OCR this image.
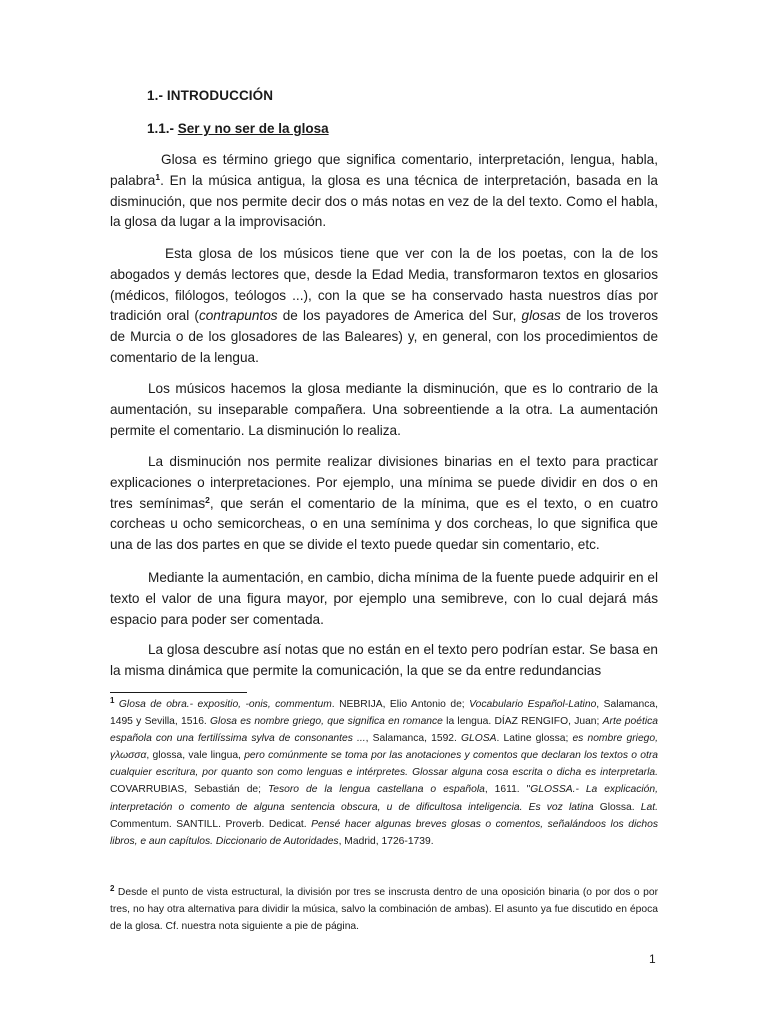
1.- INTRODUCCIÓN
1.1.- Ser y no ser de la glosa

Glosa es término griego que significa comentario, interpretación, lengua, habla, palabra$^1$. En la música antigua, la glosa es una técnica de interpretación, basada en la disminución, que nos permite decir dos o más notas en vez de la del texto. Como el habla, la glosa da lugar a la improvisación.

Esta glosa de los músicos tiene que ver con la de los poetas, con la de los abogados y demás lectores que, desde la Edad Media, transformaron textos en glosarios (médicos, filólogos, teólogos ...), con la que se ha conservado hasta nuestros días por tradición oral (contrapuntos de los payadores de America del Sur, glosas de los troveros de Murcia o de los glosadores de las Baleares) y, en general, con los procedimientos de comentario de la lengua.

Los músicos hacemos la glosa mediante la disminución, que es lo contrario de la aumentación, su inseparable compañera. Una sobreentiende a la otra. La aumentación permite el comentario. La disminución lo realiza.

La disminución nos permite realizar divisiones binarias en el texto para practicar explicaciones o interpretaciones. Por ejemplo, una mínima se puede dividir en dos o en tres semínimas$^2$, que serán el comentario de la mínima, que es el texto, o en cuatro corcheas u ocho semicorcheas, o en una semínima y dos corcheas, lo que significa que una de las dos partes en que se divide el texto puede quedar sin comentario, etc.

Mediante la aumentación, en cambio, dicha mínima de la fuente puede adquirir en el texto el valor de una figura mayor, por ejemplo una semibreve, con lo cual dejará más espacio para poder ser comentada.

La glosa descubre así notas que no están en el texto pero podrían estar. Se basa en la misma dinámica que permite la comunicación, la que se da entre redundancias

$^1$ Glosa de obra.- expositio, -onis, commentum. NEBRIJA, Elio Antonio de; Vocabulario Español-Latino, Salamanca, 1495 y Sevilla, 1516. Glosa es nombre griego, que significa en romance la lengua. DÍAZ RENGIFO, Juan; Arte poética española con una fertilíssima sylva de consonantes ..., Salamanca, 1592. GLOSA. Latine glossa; es nombre griego, γλωσσα, glossa, vale lingua, pero comúnmente se toma por las anotaciones y comentos que declaran los textos o otra cualquier escritura, por quanto son como lenguas e intérpretes. Glossar alguna cosa escrita o dicha es interpretarla. COVARRUBIAS, Sebastián de; Tesoro de la lengua castellana o española, 1611. "GLOSSA.- La explicación, interpretación o comento de alguna sentencia obscura, u de dificultosa inteligencia. Es voz latina Glossa. Lat. Commentum. SANTILL. Proverb. Dedicat. Pensé hacer algunas breves glosas o comentos, señalándoos los dichos libros, e aun capítulos. Diccionario de Autoridades, Madrid, 1726-1739.

$^2$ Desde el punto de vista estructural, la división por tres se inscrusta dentro de una oposición binaria (o por dos o por tres, no hay otra alternativa para dividir la música, salvo la combinación de ambas). El asunto ya fue discutido en época de la glosa. Cf. nuestra nota siguiente a pie de página.

1
